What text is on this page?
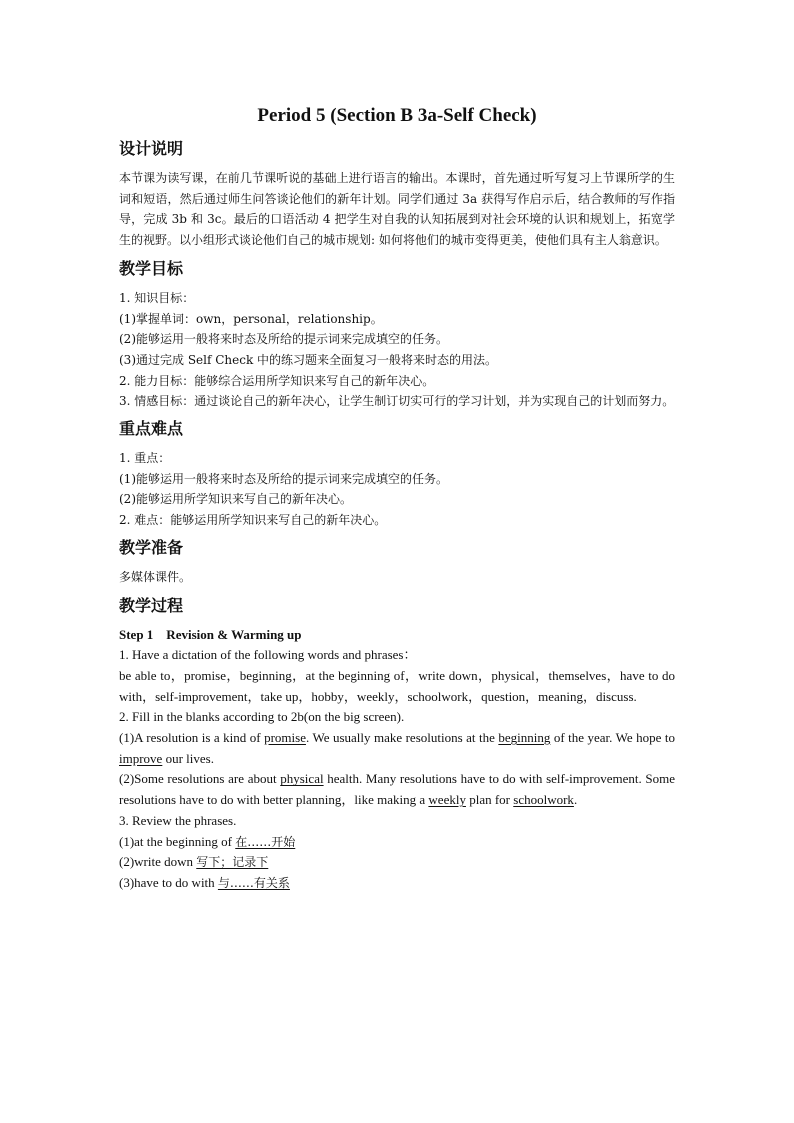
Period 5 (Section B 3a-Self Check)
设计说明
本节课为读写课，在前几节课听说的基础上进行语言的输出。本课时，首先通过听写复习上节课所学的生词和短语，然后通过师生问答谈论他们的新年计划。同学们通过 3a 获得写作启示后，结合教师的写作指导，完成 3b 和 3c。最后的口语活动 4 把学生对自我的认知拓展到对社会环境的认识和规划上，拓宽学生的视野。以小组形式谈论他们自己的城市规划: 如何将他们的城市变得更美，使他们具有主人翁意识。
教学目标
1. 知识目标：
(1)掌握单词：own，personal，relationship。
(2)能够运用一般将来时态及所给的提示词来完成填空的任务。
(3)通过完成 Self Check 中的练习题来全面复习一般将来时态的用法。
2. 能力目标：能够综合运用所学知识来写自己的新年决心。
3. 情感目标：通过谈论自己的新年决心，让学生制订切实可行的学习计划，并为实现自己的计划而努力。
重点难点
1. 重点：
(1)能够运用一般将来时态及所给的提示词来完成填空的任务。
(2)能够运用所学知识来写自己的新年决心。
2. 难点：能够运用所学知识来写自己的新年决心。
教学准备
多媒体课件。
教学过程
Step 1    Revision & Warming up
1. Have a dictation of the following words and phrases：
be able to，promise，beginning，at the beginning of，write down，physical，themselves，have to do with，self-improvement，take up，hobby，weekly，schoolwork，question，meaning，discuss.
2. Fill in the blanks according to 2b(on the big screen).
(1)A resolution is a kind of promise. We usually make resolutions at the beginning of the year. We hope to improve our lives.
(2)Some resolutions are about physical health. Many resolutions have to do with self-improvement. Some resolutions have to do with better planning，like making a weekly plan for schoolwork.
3. Review the phrases.
(1)at the beginning of 在……开始
(2)write down 写下；记录下
(3)have to do with 与……有关系
